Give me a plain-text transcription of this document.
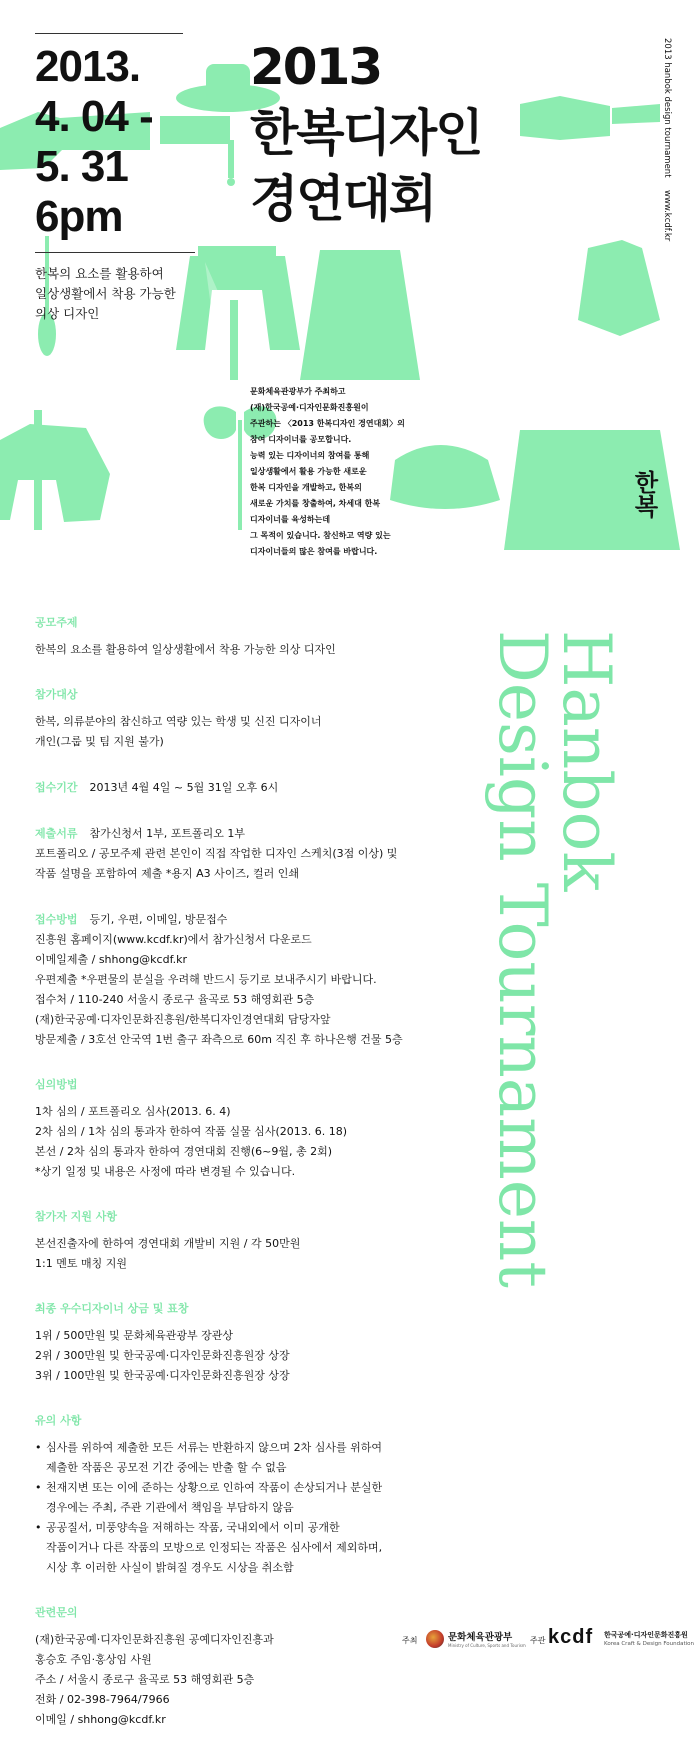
2013.
4. 04 -
5. 31
6pm
2013
한복디자인
경연대회
한복의 요소를 활용하여
일상생활에서 착용 가능한
의상 디자인
2013 hanbok design tournament
www.kcdf.kr
한복
문화체육관광부가 주최하고
(재)한국공예·디자인문화진흥원이
주관하는 〈2013 한복디자인 경연대회〉의
참여 디자이너를 공모합니다.
능력 있는 디자이너의 참여를 통해
일상생활에서 활용 가능한 새로운
한복 디자인을 개발하고, 한복의
새로운 가치를 창출하여, 차세대 한복
디자이너를 육성하는데
그 목적이 있습니다. 참신하고 역량 있는
디자이너들의 많은 참여를 바랍니다.
Hanbok
Design Tournament
공모주제
한복의 요소를 활용하여 일상생활에서 착용 가능한 의상 디자인
참가대상
한복, 의류분야의 참신하고 역량 있는 학생 및 신진 디자이너
개인(그룹 및 팀 지원 불가)
접수기간 2013년 4월 4일 ~ 5월 31일 오후 6시
제출서류 참가신청서 1부, 포트폴리오 1부
포트폴리오 / 공모주제 관련 본인이 직접 작업한 디자인 스케치(3점 이상) 및
작품 설명을 포함하여 제출 *용지 A3 사이즈, 컬러 인쇄
접수방법 등기, 우편, 이메일, 방문접수
진흥원 홈페이지(www.kcdf.kr)에서 참가신청서 다운로드
이메일제출 / shhong@kcdf.kr
우편제출 *우편물의 분실을 우려해 반드시 등기로 보내주시기 바랍니다.
접수처 / 110-240 서울시 종로구 율곡로 53 해영회관 5층
(재)한국공예·디자인문화진흥원/한복디자인경연대회 담당자앞
방문제출 / 3호선 안국역 1번 출구 좌측으로 60m 직진 후 하나은행 건물 5층
심의방법
1차 심의 / 포트폴리오 심사(2013. 6. 4)
2차 심의 / 1차 심의 통과자 한하여 작품 실물 심사(2013. 6. 18)
본선 / 2차 심의 통과자 한하여 경연대회 진행(6~9월, 총 2회)
*상기 일정 및 내용은 사정에 따라 변경될 수 있습니다.
참가자 지원 사항
본선진출자에 한하여 경연대회 개발비 지원 / 각 50만원
1:1 멘토 매칭 지원
최종 우수디자이너 상금 및 표창
1위 / 500만원 및 문화체육관광부 장관상
2위 / 300만원 및 한국공예·디자인문화진흥원장 상장
3위 / 100만원 및 한국공예·디자인문화진흥원장 상장
유의 사항
• 심사를 위하여 제출한 모든 서류는 반환하지 않으며 2차 심사를 위하여
제출한 작품은 공모전 기간 중에는 반출 할 수 없음
• 천재지변 또는 이에 준하는 상황으로 인하여 작품이 손상되거나 분실한
경우에는 주최, 주관 기관에서 책임을 부담하지 않음
• 공공질서, 미풍양속을 저해하는 작품, 국내외에서 이미 공개한
작품이거나 다른 작품의 모방으로 인정되는 작품은 심사에서 제외하며,
시상 후 이러한 사실이 밝혀질 경우도 시상을 취소함
관련문의
(재)한국공예·디자인문화진흥원 공예디자인진흥과
홍승호 주임·홍상임 사원
주소 / 서울시 종로구 율곡로 53 해영회관 5층
전화 / 02-398-7964/7966
이메일 / shhong@kcdf.kr
주최	문화체육관광부
Ministry of Culture, Sports and Tourism
주관 kcdf 한국공예·디자인문화진흥원
Korea Craft & Design Foundation
